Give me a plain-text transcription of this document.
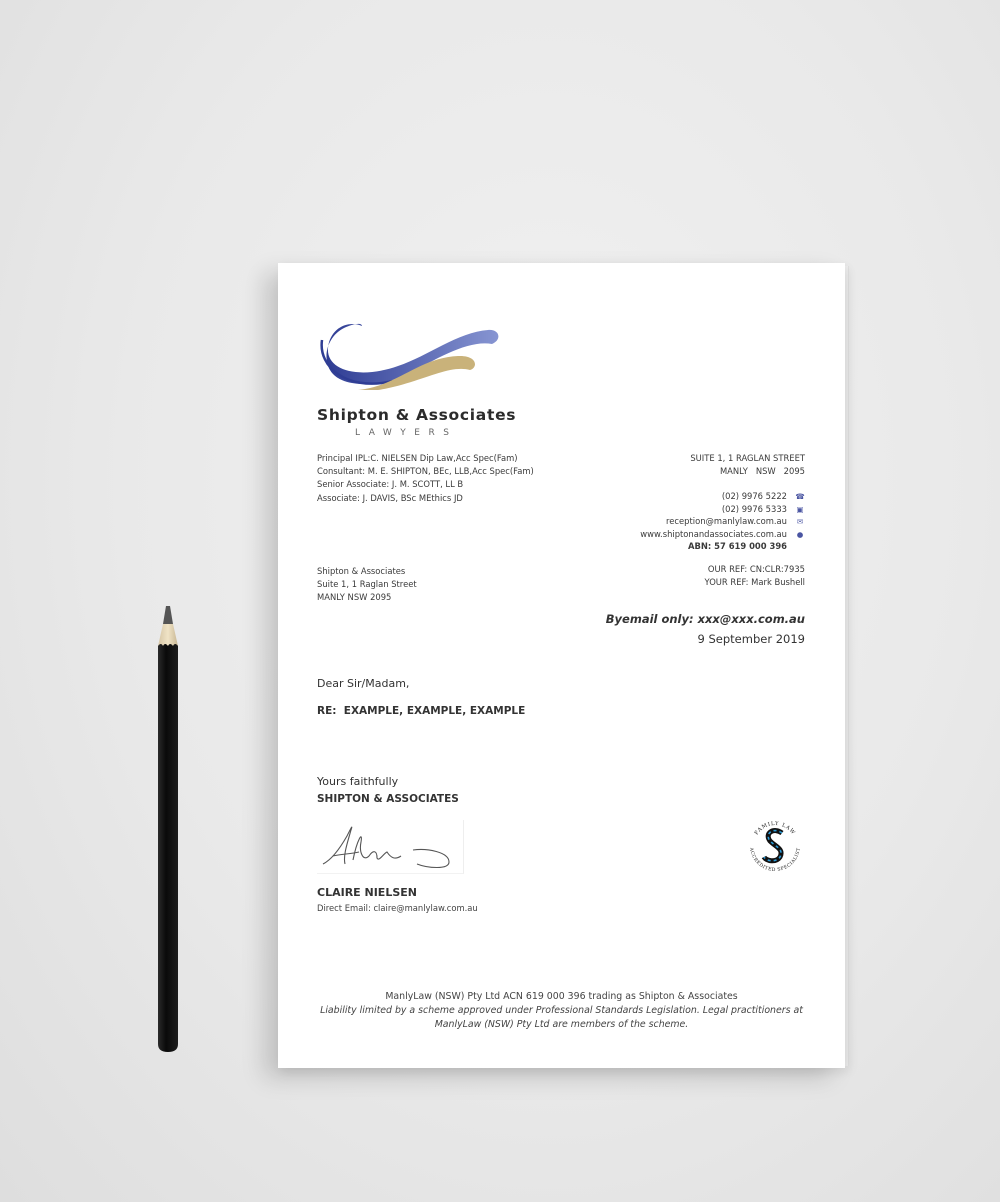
Shipton & Associates
LAWYERS
Principal IPL:C. NIELSEN Dip Law,Acc Spec(Fam)
Consultant: M. E. SHIPTON, BEc, LLB,Acc Spec(Fam)
Senior Associate: J. M. SCOTT, LL B
Associate: J. DAVIS, BSc MEthics JD
SUITE 1, 1 RAGLAN STREET
MANLY   NSW   2095
(02) 9976 5222 ☎
(02) 9976 5333 ▣
reception@manlylaw.com.au ✉
www.shiptonandassociates.com.au ●
ABN: 57 619 000 396
Shipton & Associates
Suite 1, 1 Raglan Street
MANLY NSW 2095
OUR REF: CN:CLR:7935
YOUR REF: Mark Bushell
Byemail only: xxx@xxx.com.au
9 September 2019
Dear Sir/Madam,
RE:  EXAMPLE, EXAMPLE, EXAMPLE
Yours faithfully
SHIPTON & ASSOCIATES
CLAIRE NIELSEN
Direct Email: claire@manlylaw.com.au
FAMILY LAW
ACCREDITED SPECIALIST
ManlyLaw (NSW) Pty Ltd ACN 619 000 396 trading as Shipton & Associates
Liability limited by a scheme approved under Professional Standards Legislation. Legal practitioners at
ManlyLaw (NSW) Pty Ltd are members of the scheme.
